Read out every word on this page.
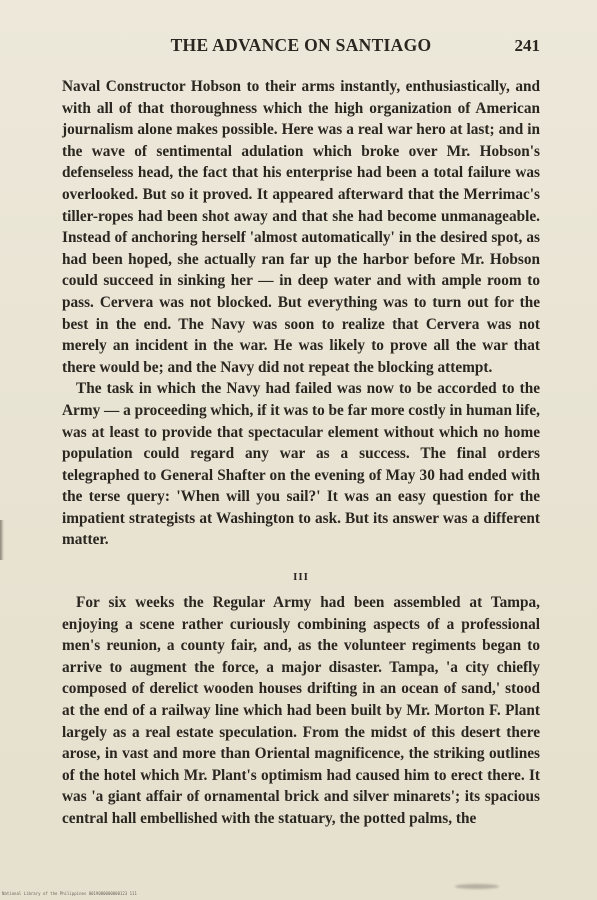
THE ADVANCE ON SANTIAGO	241

Naval Constructor Hobson to their arms instantly, enthusiastically, and with all of that thoroughness which the high organization of American journalism alone makes possible. Here was a real war hero at last; and in the wave of sentimental adulation which broke over Mr. Hobson's defenseless head, the fact that his enterprise had been a total failure was overlooked. But so it proved. It appeared afterward that the Merrimac's tiller-ropes had been shot away and that she had become unmanageable. Instead of anchoring herself 'almost automatically' in the desired spot, as had been hoped, she actually ran far up the harbor before Mr. Hobson could succeed in sinking her — in deep water and with ample room to pass. Cervera was not blocked. But everything was to turn out for the best in the end. The Navy was soon to realize that Cervera was not merely an incident in the war. He was likely to prove all the war that there would be; and the Navy did not repeat the blocking attempt.

The task in which the Navy had failed was now to be accorded to the Army — a proceeding which, if it was to be far more costly in human life, was at least to provide that spectacular element without which no home population could regard any war as a success. The final orders telegraphed to General Shafter on the evening of May 30 had ended with the terse query: 'When will you sail?' It was an easy question for the impatient strategists at Washington to ask. But its answer was a different matter.

III

For six weeks the Regular Army had been assembled at Tampa, enjoying a scene rather curiously combining aspects of a professional men's reunion, a county fair, and, as the volunteer regiments began to arrive to augment the force, a major disaster. Tampa, 'a city chiefly composed of derelict wooden houses drifting in an ocean of sand,' stood at the end of a railway line which had been built by Mr. Morton F. Plant largely as a real estate speculation. From the midst of this desert there arose, in vast and more than Oriental magnificence, the striking outlines of the hotel which Mr. Plant's optimism had caused him to erect there. It was 'a giant affair of ornamental brick and silver minarets'; its spacious central hall embellished with the statuary, the potted palms, the

National Library of the Philippines 0019000000000123 111
